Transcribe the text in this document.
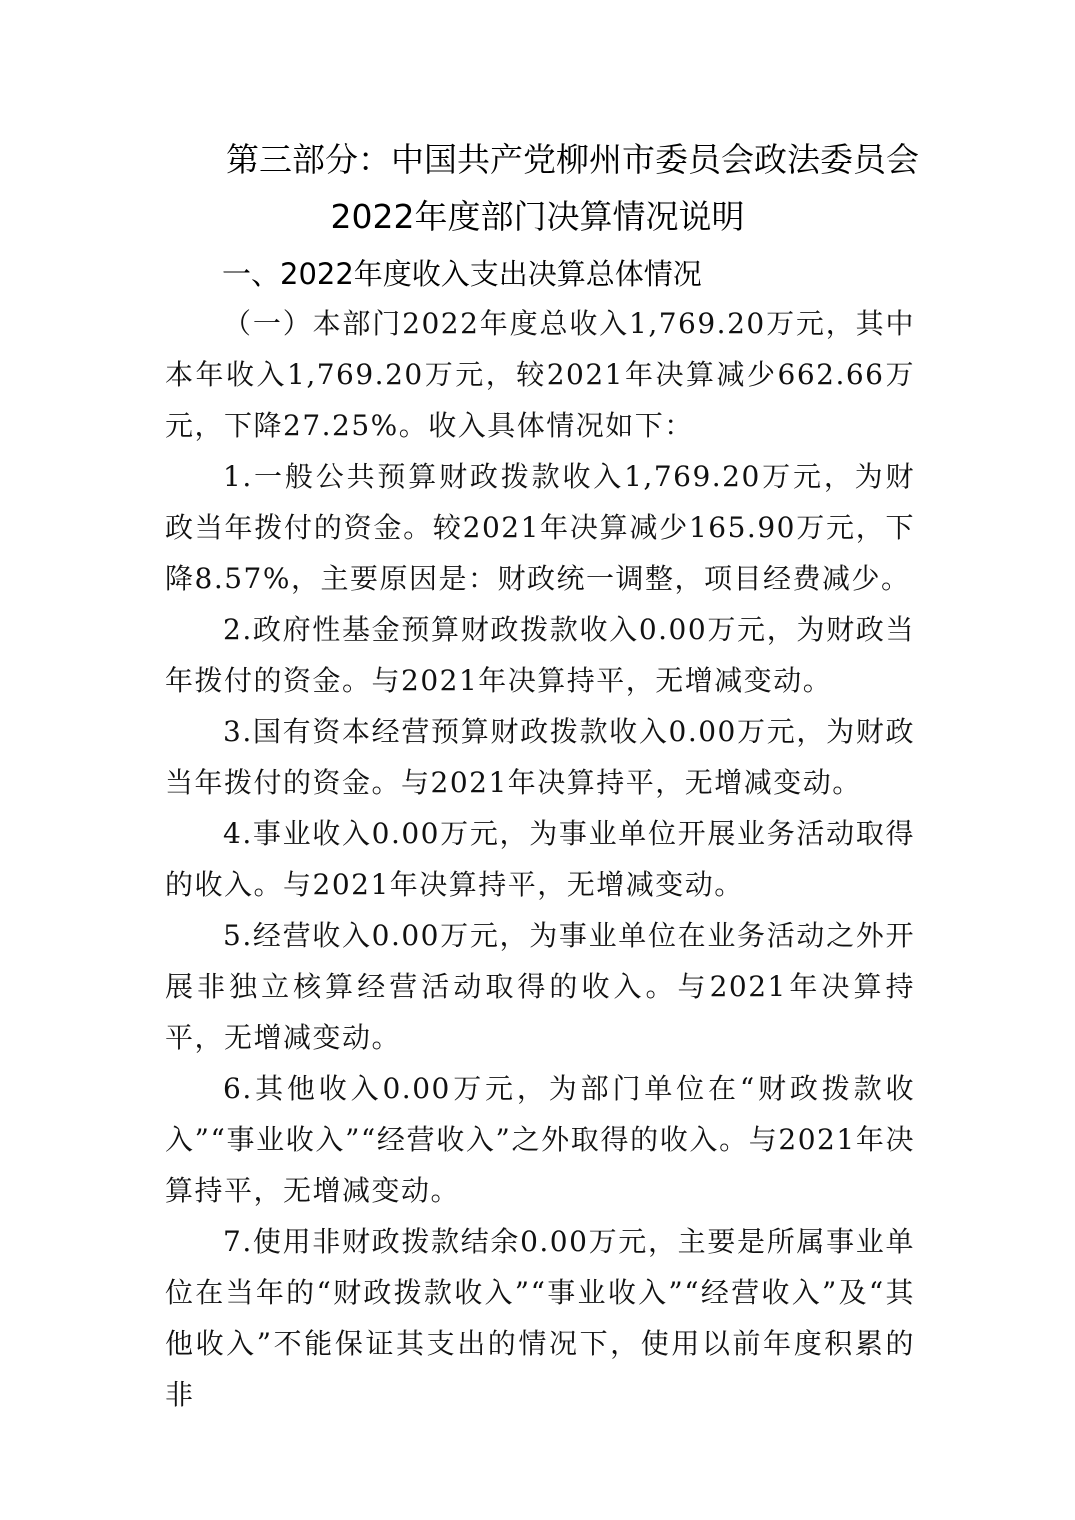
第三部分：中国共产党柳州市委员会政法委员会
2022年度部门决算情况说明
一、2022年度收入支出决算总体情况

（一）本部门2022年度总收入1,769.20万元，其中本年收入1,769.20万元，较2021年决算减少662.66万元，下降27.25%。收入具体情况如下：

1.一般公共预算财政拨款收入1,769.20万元，为财政当年拨付的资金。较2021年决算减少165.90万元，下降8.57%，主要原因是：财政统一调整，项目经费减少。

2.政府性基金预算财政拨款收入0.00万元，为财政当年拨付的资金。与2021年决算持平，无增减变动。

3.国有资本经营预算财政拨款收入0.00万元，为财政当年拨付的资金。与2021年决算持平，无增减变动。

4.事业收入0.00万元，为事业单位开展业务活动取得的收入。与2021年决算持平，无增减变动。

5.经营收入0.00万元，为事业单位在业务活动之外开展非独立核算经营活动取得的收入。与2021年决算持平，无增减变动。

6.其他收入0.00万元，为部门单位在“财政拨款收入”“事业收入”“经营收入”之外取得的收入。与2021年决算持平，无增减变动。

7.使用非财政拨款结余0.00万元，主要是所属事业单位在当年的“财政拨款收入”“事业收入”“经营收入”及“其他收入”不能保证其支出的情况下，使用以前年度积累的非
